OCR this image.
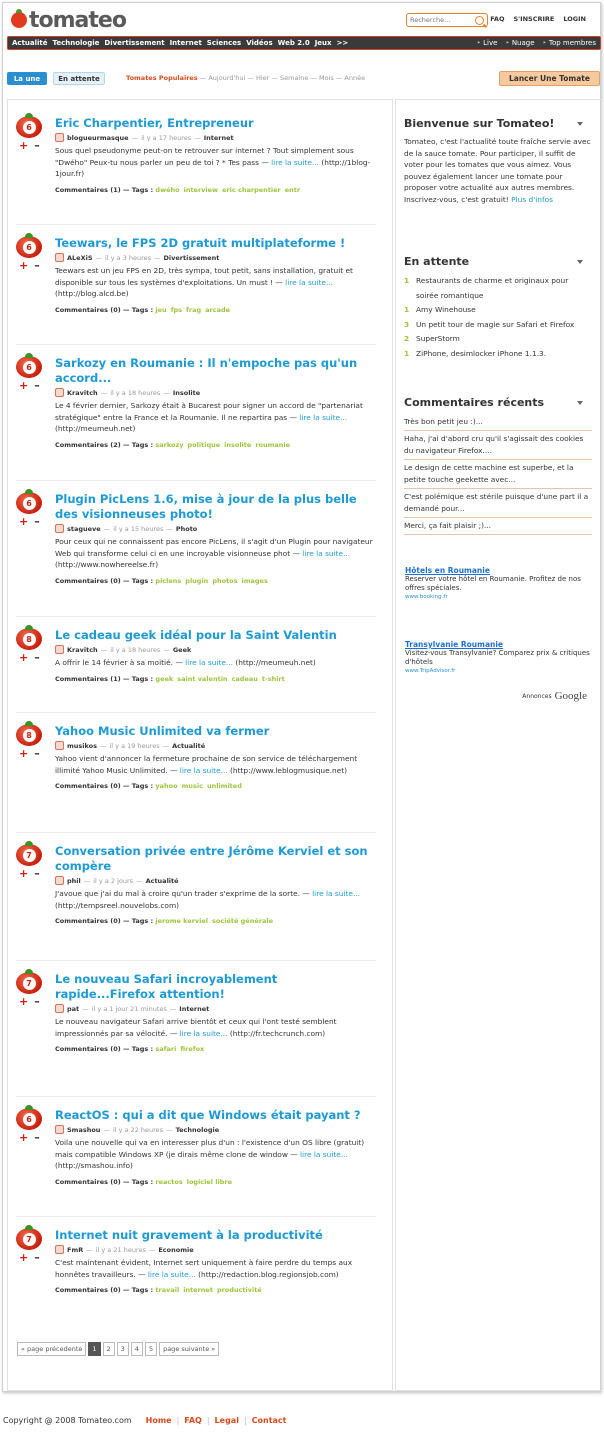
tomateo
Recherche...	FAQ S'INSCRIRE LOGIN
Actualité Technologie Divertissement Internet Sciences Vidéos Web 2.0 Jeux >>	‣ Live	‣ Nuage	‣ Top membres
La une	En attente	Tomates Populaires — Aujourd'hui — Hier — Semaine — Mois — Année	Lancer Une Tomate
6
+ –
Eric Charpentier, Entrepreneur
blogueurmasque — il y a 17 heures — Internet
Sous quel pseudonyme peut-on te retrouver sur internet ? Tout simplement sous "Dwého" Peux-tu nous parler un peu de toi ? * Tes pass — lire la suite... (http://1blog-1jour.fr)
Commentaires (1) — Tags : dwého interview eric charpentier entr
6
+ –
Teewars, le FPS 2D gratuit multiplateforme !
ALeXiS — il y a 3 heures — Divertissement
Teewars est un jeu FPS en 2D, très sympa, tout petit, sans installation, gratuit et disponible sur tous les systèmes d'exploitations. Un must ! — lire la suite... (http://blog.alcd.be)
Commentaires (0) — Tags : jeu fps frag arcade
6
+ –
Sarkozy en Roumanie : Il n'empoche pas qu'un accord...
Kravitch — il y a 18 heures — Insolite
Le 4 février dernier, Sarkozy était à Bucarest pour signer un accord de "partenariat stratégique" entre la France et la Roumanie. Il ne repartira pas — lire la suite... (http://meumeuh.net)
Commentaires (2) — Tags : sarkozy politique insolite roumanie
6
+ –
Plugin PicLens 1.6, mise à jour de la plus belle des visionneuses photo!
stagueve — il y a 15 heures — Photo
Pour ceux qui ne connaissent pas encore PicLens, il s'agit d'un Plugin pour navigateur Web qui transforme celui ci en une incroyable visionneuse phot — lire la suite... (http://www.nowhereelse.fr)
Commentaires (0) — Tags : piclens plugin photos images
8
+ –
Le cadeau geek idéal pour la Saint Valentin
Kravitch — il y a 18 heures — Geek
A offrir le 14 février à sa moitié. — lire la suite... (http://meumeuh.net)
Commentaires (1) — Tags : geek saint valentin cadeau t-shirt
8
+ –
Yahoo Music Unlimited va fermer
musikos — il y a 19 heures — Actualité
Yahoo vient d'annoncer la fermeture prochaine de son service de téléchargement illimité Yahoo Music Unlimited. — lire la suite... (http://www.leblogmusique.net)
Commentaires (0) — Tags : yahoo music unlimited
7
+ –
Conversation privée entre Jérôme Kerviel et son compère
phil — il y a 2 jours — Actualité
J'avoue que j'ai du mal à croire qu'un trader s'exprime de la sorte. — lire la suite... (http://tempsreel.nouvelobs.com)
Commentaires (0) — Tags : jerome kerviel société générale
7
+ –
Le nouveau Safari incroyablement rapide...Firefox attention!
pat — il y a 1 jour 21 minutes — Internet
Le nouveau navigateur Safari arrive bientôt et ceux qui l'ont testé semblent impressionnés par sa vélocité. — lire la suite... (http://fr.techcrunch.com)
Commentaires (0) — Tags : safari firefox
6
+ –
ReactOS : qui a dit que Windows était payant ?
Smashou — il y a 22 heures — Technologie
Voila une nouvelle qui va en interesser plus d'un : l'existence d'un OS libre (gratuit) mais compatible Windows XP (je dirais même clone de window — lire la suite... (http://smashou.info)
Commentaires (0) — Tags : reactos logiciel libre
7
+ –
Internet nuit gravement à la productivité
FmR — il y a 21 heures — Economie
C'est maintenant évident, Internet sert uniquement à faire perdre du temps aux honnêtes travailleurs. — lire la suite... (http://redaction.blog.regionsjob.com)
Commentaires (0) — Tags : travail internet productivité
Bienvenue sur Tomateo!
Tomateo, c'est l'actualité toute fraîche servie avec de la sauce tomate. Pour participer, il suffit de voter pour les tomates que vous aimez. Vous pouvez également lancer une tomate pour proposer votre actualité aux autres membres. Inscrivez-vous, c'est gratuit! Plus d'infos
En attente
1 Restaurants de charme et originaux pour soirée romantique
1 Amy Winehouse
3 Un petit tour de magie sur Safari et Firefox
2 SuperStorm
1 ZiPhone, desimlocker iPhone 1.1.3.
Commentaires récents
Très bon petit jeu :)...
Haha, j'ai d'abord cru qu'il s'agissait des cookies du navigateur Firefox....
Le design de cette machine est superbe, et la petite touche geekette avec...
C'est polémique est stérile puisque d'une part il a demandé pour...
Merci, ça fait plaisir ;)...
Hôtels en Roumanie
Reserver votre hôtel en Roumanie. Profitez de nos offres spéciales.
www.booking.fr
Transylvanie Roumanie
Visitez-vous Transylvanie? Comparez prix & critiques d'hôtels
www.TripAdvisor.fr
Annonces Google
« page précedente	1	2	3	4	5	page suivante »
Copyright @ 2008 Tomateo.com Home | FAQ | Legal | Contact
